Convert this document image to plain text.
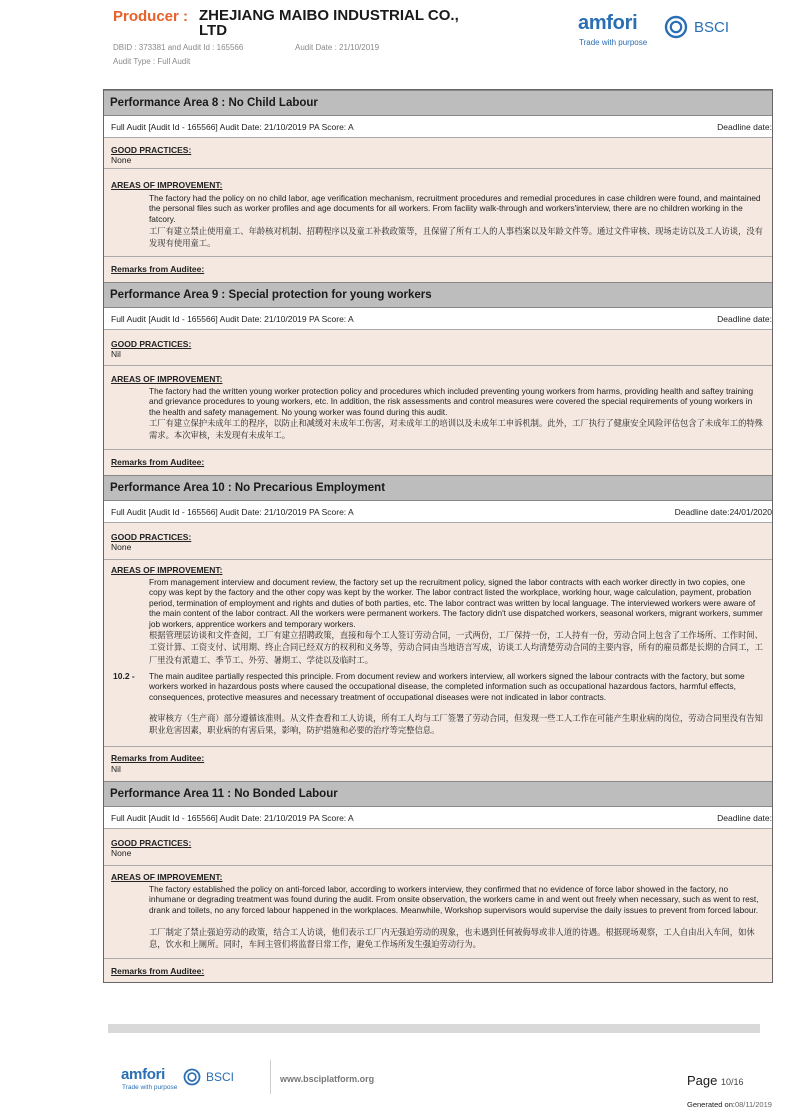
Producer : ZHEJIANG MAIBO INDUSTRIAL CO., LTD
DBID : 373381 and Audit Id : 165566	Audit Date : 21/10/2019
Audit Type : Full Audit
amfori	BSCI
Trade with purpose
Performance Area 8 : No Child Labour
Full Audit [Audit Id - 165566] Audit Date: 21/10/2019 PA Score: A	Deadline date:
GOOD PRACTICES:
None
AREAS OF IMPROVEMENT:
The factory had the policy on no child labor, age verification mechanism, recruitment procedures and remedial procedures in case children were found, and maintained the personal files such as worker profiles and age documents for all workers. From facility walk-through and workers'interview, there are no children working in the fatcory.
工厂有建立禁止使用童工、年龄核对机制、招聘程序以及童工补救政策等，且保留了所有工人的人事档案以及年龄文件等。通过文件审核、现场走访以及工人访谈，没有发现有使用童工。
Remarks from Auditee:
Performance Area 9 : Special protection for young workers
Full Audit [Audit Id - 165566] Audit Date: 21/10/2019 PA Score: A	Deadline date:
GOOD PRACTICES:
Nil
AREAS OF IMPROVEMENT:
The factory had the written young worker protection policy and procedures which included preventing young workers from harms, providing health and saftey training and grievance procedures to young workers, etc. In addition, the risk assessments and control measures were covered the special requirements of young workers in the health and safety management. No young worker was found during this audit.
工厂有建立保护未成年工的程序，以防止和减缓对未成年工伤害，对未成年工的培训以及未成年工申诉机制。此外，工厂执行了健康安全风险评估包含了未成年工的特殊需求。本次审核，未发现有未成年工。
Remarks from Auditee:
Performance Area 10 : No Precarious Employment
Full Audit [Audit Id - 165566] Audit Date: 21/10/2019 PA Score: A	Deadline date:24/01/2020
GOOD PRACTICES:
None
AREAS OF IMPROVEMENT:
From management interview and document review, the factory set up the recruitment policy, signed the labor contracts with each worker directly in two copies, one copy was kept by the factory and the other copy was kept by the worker. The labor contract listed the workplace, working hour, wage calculation, payment, probation period, termination of employment and rights and duties of both parties, etc. The labor contract was written by local language. The interviewed workers were aware of the main content of the labor contract. All the workers were permanent workers. The factory didn't use dispatched workers, seasonal workers, migrant workers, summer job workers, apprentice workers and temporary workers.
根据管理层访谈和文件查阅，工厂有建立招聘政策，直接和每个工人签订劳动合同，一式两份，工厂保持一份，工人持有一份，劳动合同上包含了工作场所、工作时间、工资计算、工资支付、试用期、终止合同已经双方的权利和义务等，劳动合同由当地语言写成，访谈工人均清楚劳动合同的主要内容，所有的雇员都是长期的合同工，工厂里没有派遣工、季节工、外劳、暑期工、学徒以及临时工。
10.2 - The main auditee partially respected this principle. From document review and workers interview, all workers signed the labour contracts with the factory, but some workers worked in hazardous posts where caused the occupational disease, the completed information such as occupational hazardous factors, harmful effects, consequences, protective measures and necessary treatment of occupational diseases were not indicated in labor contracts.
被审核方（生产商）部分遵循该准则。从文件查看和工人访谈，所有工人均与工厂签署了劳动合同，但发现一些工人工作在可能产生职业病的岗位，劳动合同里没有告知职业危害因素，职业病的有害后果，影响，防护措施和必要的治疗等完整信息。
Remarks from Auditee:
Nil
Performance Area 11 : No Bonded Labour
Full Audit [Audit Id - 165566] Audit Date: 21/10/2019 PA Score: A	Deadline date:
GOOD PRACTICES:
None
AREAS OF IMPROVEMENT:
The factory established the policy on anti-forced labor, according to workers interview, they confirmed that no evidence of force labor showed in the factory, no inhumane or degrading treatment was found during the audit. From onsite observation, the workers came in and went out freely when necessary, such as went to rest, drank and toilets, no any forced labour happened in the workplaces. Meanwhile, Workshop supervisors would supervise the daily issues to prevent from forced labour.
工厂制定了禁止强迫劳动的政策，结合工人访谈，他们表示工厂内无强迫劳动的现象，也未遇到任何被侮辱或非人道的待遇。根据现场观察，工人自由出入车间，如休息，饮水和上厕所。同时，车间主管们将监督日常工作，避免工作场所发生强迫劳动行为。
Remarks from Auditee:
amfori	BSCI
Trade with purpose
www.bsciplatform.org	Page 10/16
Generated on:08/11/2019
